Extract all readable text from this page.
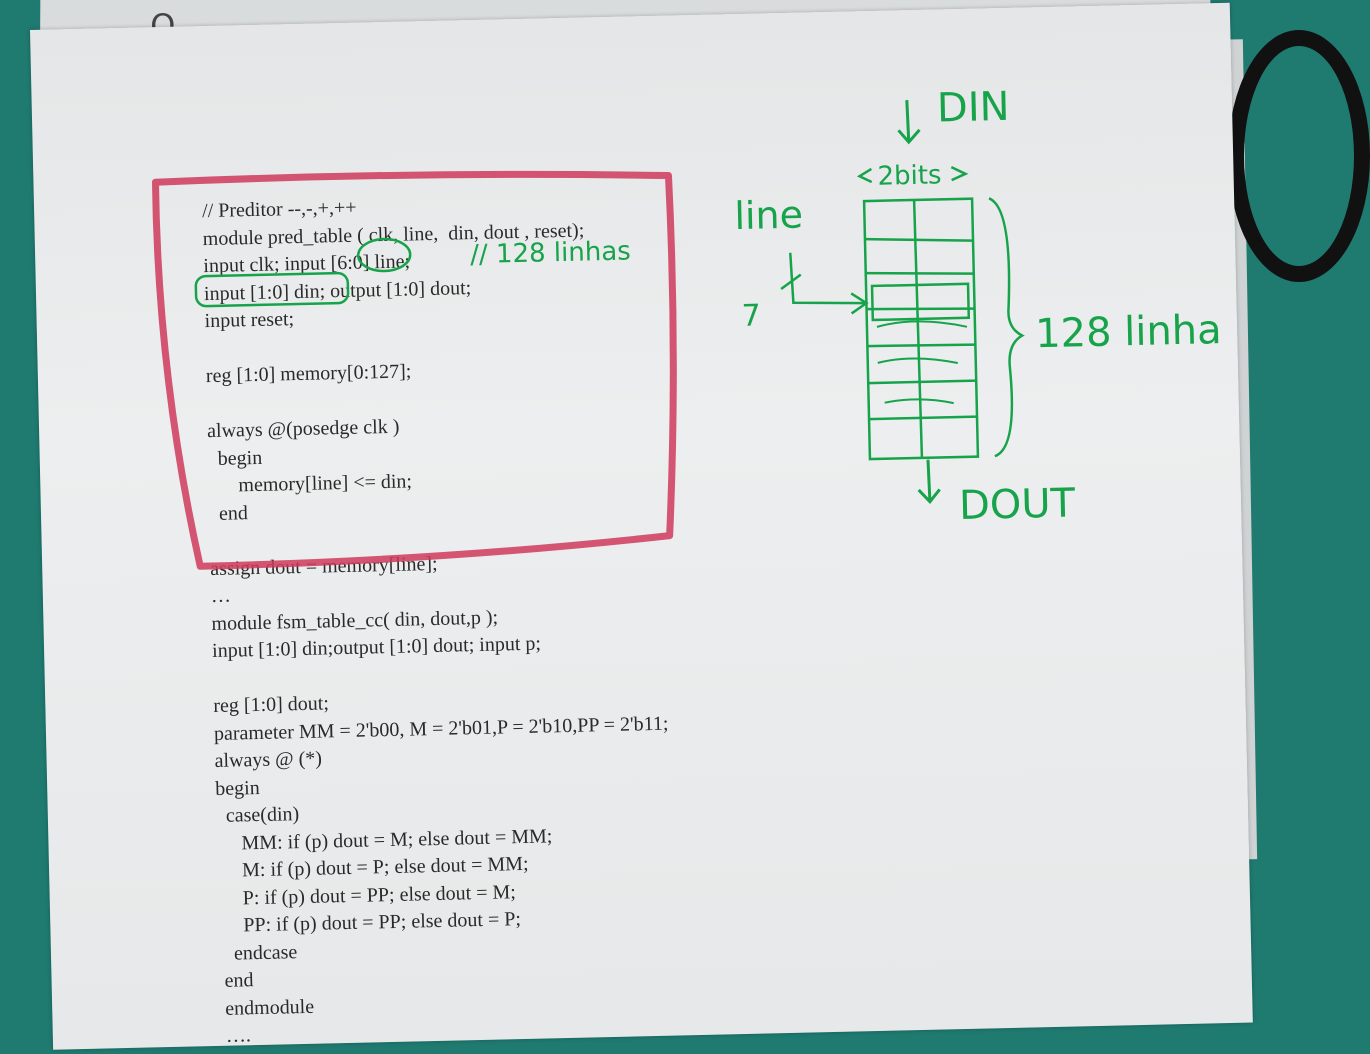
// Preditor --,-,+,++
module pred_table ( clk, line,  din, dout , reset);
input clk; input [6:0] line;
input [1:0] din; output [1:0] dout;
input reset;

reg [1:0] memory[0:127];

always @(posedge clk )
begin
memory[line] <= din;
end

assign dout = memory[line];
…
module fsm_table_cc( din, dout,p );
input [1:0] din;output [1:0] dout; input p;

reg [1:0] dout;
parameter MM = 2'b00, M = 2'b01,P = 2'b10,PP = 2'b11;
always @ (*)
begin
case(din)
MM: if (p) dout = M; else dout = MM;
M: if (p) dout = P; else dout = MM;
P: if (p) dout = PP; else dout = M;
PP: if (p) dout = PP; else dout = P;
endcase
end
endmodule
….
// 128 linhas
DIN
2bits
128 linha
line
7
DOUT
